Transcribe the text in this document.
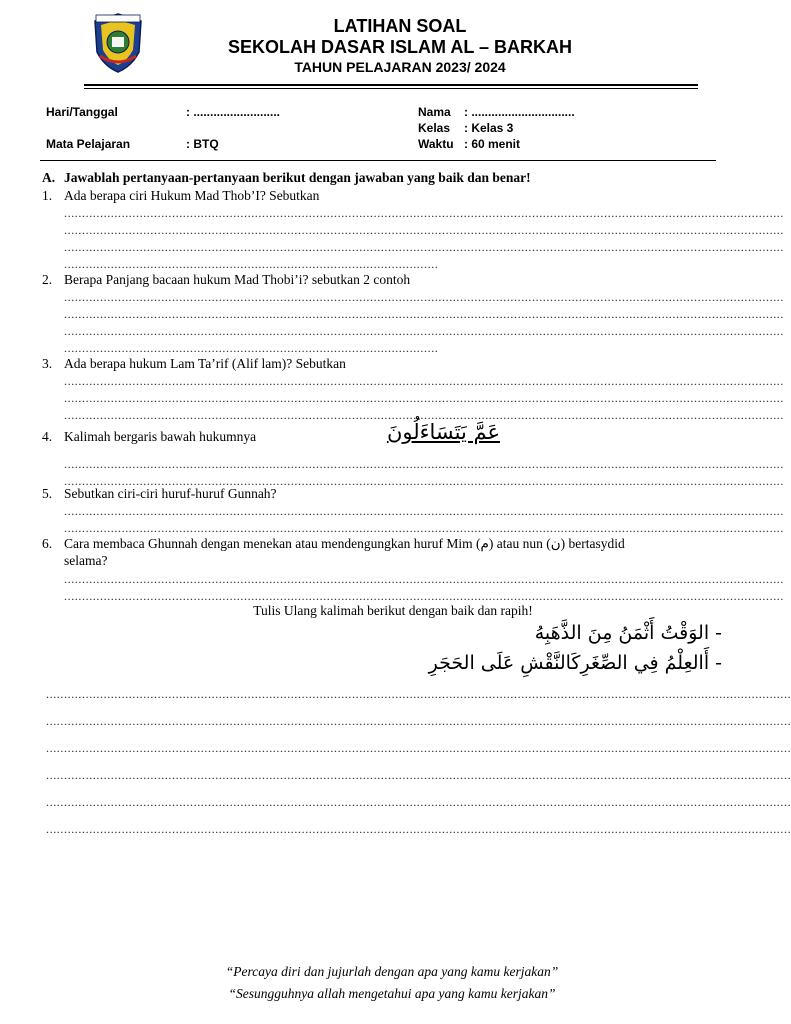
LATIHAN SOAL
SEKOLAH DASAR ISLAM AL – BARKAH
TAHUN PELAJARAN 2023/ 2024
Hari/Tanggal	: ..........................
Mata Pelajaran	: BTQ
Nama : ...............................
Kelas : Kelas 3
Waktu : 60 menit
A. Jawablah pertanyaan-pertanyaan berikut dengan jawaban yang baik dan benar!
1. Ada berapa ciri Hukum Mad Thob’I? Sebutkan
........................................................................................................................................................................................................
........................................................................................................................................................................................................
........................................................................................................................................................................................................
........................................................................................................
2. Berapa Panjang bacaan hukum Mad Thobi’i? sebutkan 2 contoh
........................................................................................................................................................................................................
........................................................................................................................................................................................................
........................................................................................................................................................................................................
........................................................................................................
3. Ada berapa hukum Lam Ta’rif (Alif lam)? Sebutkan
........................................................................................................................................................................................................
........................................................................................................................................................................................................
........................................................................................................................................................................................................
4. Kalimah bergaris bawah hukumnya	عَمَّ يَتَسَاءَلُونَ
........................................................................................................................................................................................................
........................................................................................................................................................................................................
5. Sebutkan ciri-ciri huruf-huruf Gunnah?
........................................................................................................................................................................................................
........................................................................................................................................................................................................
6. Cara membaca Ghunnah dengan menekan atau mendengungkan huruf Mim (م) atau nun (ن) bertasydid
selama?
........................................................................................................................................................................................................
........................................................................................................................................................................................................
Tulis Ulang kalimah berikut dengan baik dan rapih!
- الوَقْتُ أَثْمَنُ مِنَ الذَّهَبِهُ
- أَالعِلْمُ فِي الصِّغَرِكَالنَّقْشِ عَلَى الحَجَرِ
...............................................................................................................................................................................................................
...............................................................................................................................................................................................................
...............................................................................................................................................................................................................
...............................................................................................................................................................................................................
...............................................................................................................................................................................................................
...............................................................................................................................................................................................................
“Percaya diri dan jujurlah dengan apa yang kamu kerjakan”
“Sesungguhnya allah mengetahui apa yang kamu kerjakan”
